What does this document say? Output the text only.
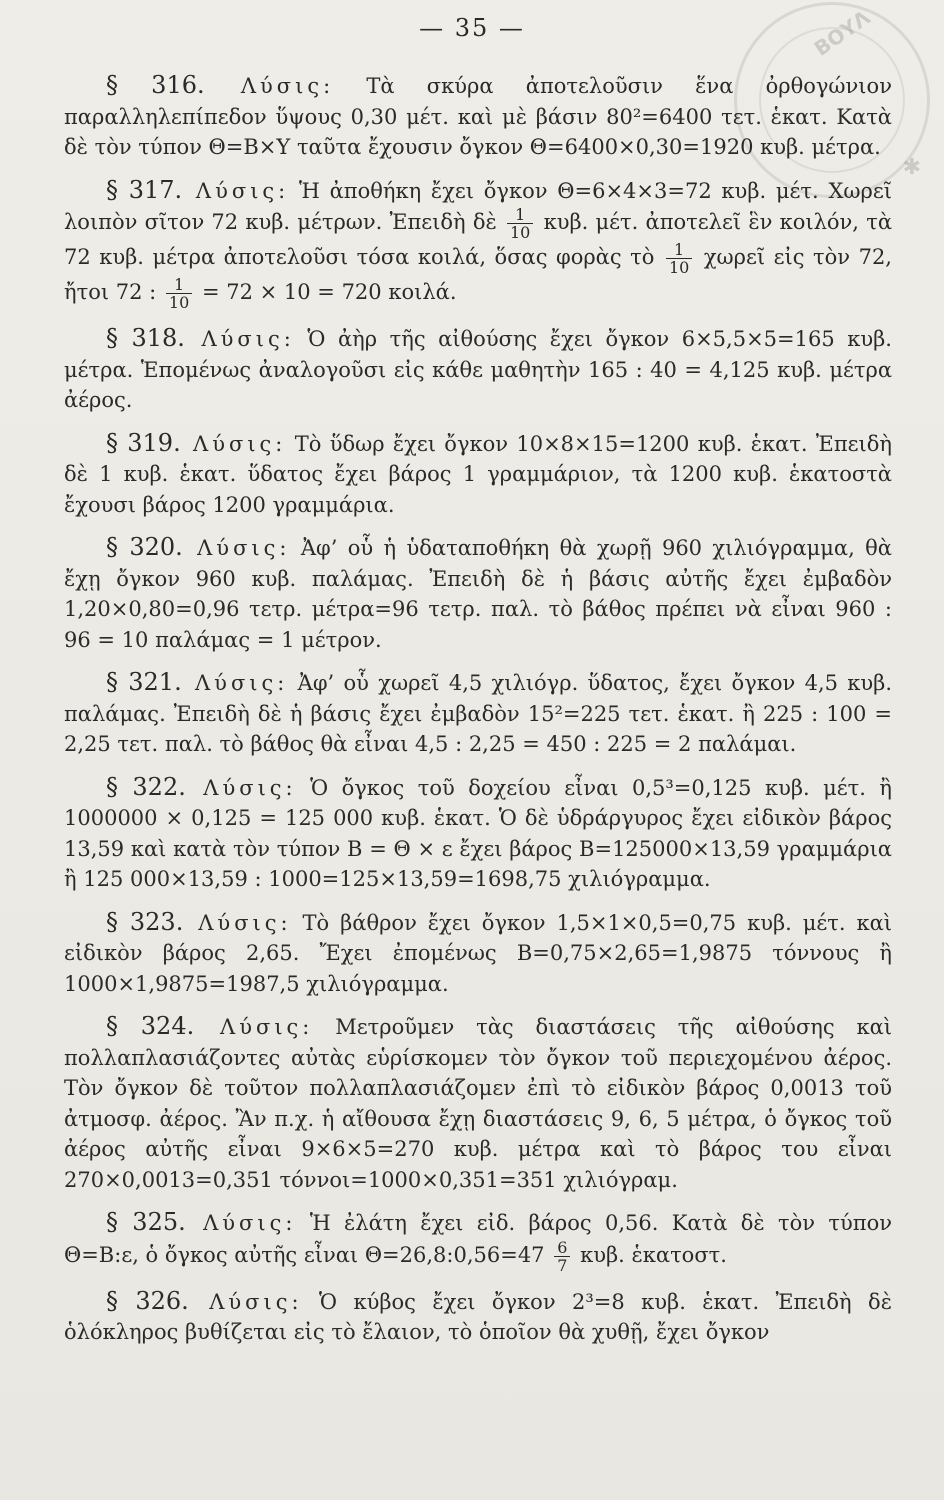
ΒΟΥΛ
✱
— 35 —

§ 316. Λύσις: Τὰ σκύρα ἀποτελοῦσιν ἕνα ὀρθογώνιον παραλληλεπίπεδον ὕψους 0,30 μέτ. καὶ μὲ βάσιν 80²=6400 τετ. ἑκατ. Κατὰ δὲ τὸν τύπον Θ=Β×Υ ταῦτα ἔχουσιν ὄγκον Θ=6400×0,30=1920 κυβ. μέτρα.

§ 317. Λύσις: Ἡ ἀποθήκη ἔχει ὄγκον Θ=6×4×3=72 κυβ. μέτ. Χωρεῖ λοιπὸν σῖτον 72 κυβ. μέτρων. Ἐπειδὴ δὲ $\frac{1}{10} \kappa\upsilon\beta$. μέτ. ἀποτελεῖ ἓν κοιλόν, τὰ 72 κυβ. μέτρα ἀποτελοῦσι τόσα κοιλά, ὅσας φορὰς τὸ $\frac{1}{10}$ χωρεῖ εἰς τὸν 72, ἤτοι 72 : $\frac{1}{10} = 72 \times 10 = 720$ κοιλά.

§ 318. Λύσις: Ὁ ἀὴρ τῆς αἰθούσης ἔχει ὄγκον 6×5,5×5=165 κυβ. μέτρα. Ἑπομένως ἀναλογοῦσι εἰς κάθε μαθητὴν 165 : 40 = 4,125 κυβ. μέτρα ἀέρος.

§ 319. Λύσις: Τὸ ὕδωρ ἔχει ὄγκον 10×8×15=1200 κυβ. ἑκατ. Ἐπειδὴ δὲ 1 κυβ. ἑκατ. ὕδατος ἔχει βάρος 1 γραμμάριον, τὰ 1200 κυβ. ἑκατοστὰ ἔχουσι βάρος 1200 γραμμάρια.

§ 320. Λύσις: Ἀφ’ οὗ ἡ ὑδαταποθήκη θὰ χωρῇ 960 χιλιόγραμμα, θὰ ἔχῃ ὄγκον 960 κυβ. παλάμας. Ἐπειδὴ δὲ ἡ βάσις αὐτῆς ἔχει ἐμβαδὸν 1,20×0,80=0,96 τετρ. μέτρα=96 τετρ. παλ. τὸ βάθος πρέπει νὰ εἶναι 960 : 96 = 10 παλάμας = 1 μέτρον.

§ 321. Λύσις: Ἀφ’ οὗ χωρεῖ 4,5 χιλιόγρ. ὕδατος, ἔχει ὄγκον 4,5 κυβ. παλάμας. Ἐπειδὴ δὲ ἡ βάσις ἔχει ἐμβαδὸν 15²=225 τετ. ἑκατ. ἢ 225 : 100 = 2,25 τετ. παλ. τὸ βάθος θὰ εἶναι 4,5 : 2,25 = 450 : 225 = 2 παλάμαι.

§ 322. Λύσις: Ὁ ὄγκος τοῦ δοχείου εἶναι 0,5³=0,125 κυβ. μέτ. ἢ 1000000 × 0,125 = 125 000 κυβ. ἑκατ. Ὁ δὲ ὑδράργυρος ἔχει εἰδικὸν βάρος 13,59 καὶ κατὰ τὸν τύπον Β = Θ × ε ἔχει βάρος Β=125000×13,59 γραμμάρια ἢ 125 000×13,59 : 1000=125×13,59=1698,75 χιλιόγραμμα.

§ 323. Λύσις: Τὸ βάθρον ἔχει ὄγκον 1,5×1×0,5=0,75 κυβ. μέτ. καὶ εἰδικὸν βάρος 2,65. Ἔχει ἐπομένως Β=0,75×2,65=1,9875 τόννους ἢ 1000×1,9875=1987,5 χιλιόγραμμα.

§ 324. Λύσις: Μετροῦμεν τὰς διαστάσεις τῆς αἰθούσης καὶ πολλαπλασιάζοντες αὐτὰς εὑρίσκομεν τὸν ὄγκον τοῦ περιεχομένου ἀέρος. Τὸν ὄγκον δὲ τοῦτον πολλαπλασιάζομεν ἐπὶ τὸ εἰδικὸν βάρος 0,0013 τοῦ ἀτμοσφ. ἀέρος. Ἂν π.χ. ἡ αἴθουσα ἔχῃ διαστάσεις 9, 6, 5 μέτρα, ὁ ὄγκος τοῦ ἀέρος αὐτῆς εἶναι 9×6×5=270 κυβ. μέτρα καὶ τὸ βάρος του εἶναι 270×0,0013=0,351 τόννοι=1000×0,351=351 χιλιόγραμ.

§ 325. Λύσις: Ἡ ἐλάτη ἔχει εἰδ. βάρος 0,56. Κατὰ δὲ τὸν τύπον Θ=Β:ε, ὁ ὄγκος αὐτῆς εἶναι Θ=26,8:0,56=47 $\frac{6}{7} \kappa\upsilon\beta$. ἑκατοστ.

§ 326. Λύσις: Ὁ κύβος ἔχει ὄγκον 2³=8 κυβ. ἑκατ. Ἐπειδὴ δὲ ὁλόκληρος βυθίζεται εἰς τὸ ἔλαιον, τὸ ὁποῖον θὰ χυθῇ, ἔχει ὄγκον
